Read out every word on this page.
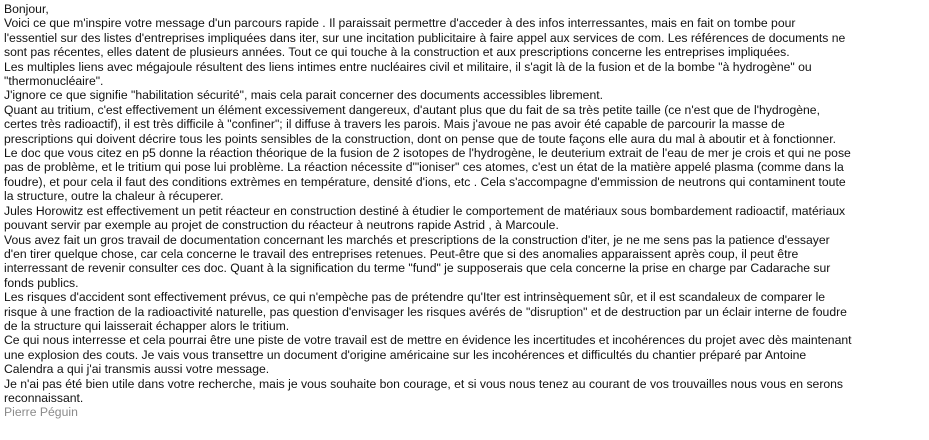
Bonjour,
Voici ce que m'inspire votre message d'un parcours rapide . Il paraissait permettre d'acceder à des infos interressantes, mais en fait on tombe pour
l'essentiel sur des listes d'entreprises impliquées dans iter, sur une incitation publicitaire à faire appel aux services de com. Les références de documents ne
sont pas récentes, elles datent de plusieurs années. Tout ce qui touche à la construction et aux prescriptions concerne les entreprises impliquées.
Les multiples liens avec mégajoule résultent des liens intimes entre nucléaires civil et militaire, il s'agit là de la fusion et de la bombe "à hydrogène" ou
"thermonucléaire".
J'ignore ce que signifie "habilitation sécurité", mais cela parait concerner des documents accessibles librement.
Quant au tritium, c'est effectivement un élément excessivement dangereux, d'autant plus que du fait de sa très petite taille (ce n'est que de l'hydrogène,
certes très radioactif), il est très difficile à "confiner"; il diffuse à travers les parois. Mais j'avoue ne pas avoir été capable de parcourir la masse de
prescriptions qui doivent décrire tous les points sensibles de la construction, dont on pense que de toute façons elle aura du mal à aboutir et à fonctionner.
Le doc que vous citez en p5 donne la réaction théorique de la fusion de 2 isotopes de l'hydrogène, le deuterium extrait de l'eau de mer je crois et qui ne pose
pas de problème, et le tritium qui pose lui problème. La réaction nécessite d'"ioniser" ces atomes, c'est un état de la matière appelé plasma (comme dans la
foudre), et pour cela il faut des conditions extrèmes en température, densité d'ions, etc . Cela s'accompagne d'emmission de neutrons qui contaminent toute
la structure, outre la chaleur à récuperer.
Jules Horowitz est effectivement un petit réacteur en construction destiné à étudier le comportement de matériaux sous bombardement radioactif, matériaux
pouvant servir par exemple au projet de construction du réacteur à neutrons rapide Astrid , à Marcoule.
Vous avez fait un gros travail de documentation concernant les marchés et prescriptions de la construction d'iter, je ne me sens pas la patience d'essayer
d'en tirer quelque chose, car cela concerne le travail des entreprises retenues. Peut-être que si des anomalies apparaissent après coup, il peut être
interressant de revenir consulter ces doc. Quant à la signification du terme "fund" je supposerais que cela concerne la prise en charge par Cadarache sur
fonds publics.
Les risques d'accident sont effectivement prévus, ce qui n'empèche pas de prétendre qu'Iter est intrinsèquement sûr, et il est scandaleux de comparer le
risque à une fraction de la radioactivité naturelle, pas question d'envisager les risques avérés de "disruption" et de destruction par un éclair interne de foudre
de la structure qui laisserait échapper alors le tritium.
Ce qui nous interresse et cela pourrai être une piste de votre travail est de mettre en évidence les incertitudes et incohérences du projet avec dès maintenant
une explosion des couts. Je vais vous transettre un document d'origine américaine sur les incohérences et difficultés du chantier préparé par Antoine
Calendra a qui j'ai transmis aussi votre message.
Je n'ai pas été bien utile dans votre recherche, mais je vous souhaite bon courage, et si vous nous tenez au courant de vos trouvailles nous vous en serons
reconnaissant.
Pierre Péguin
